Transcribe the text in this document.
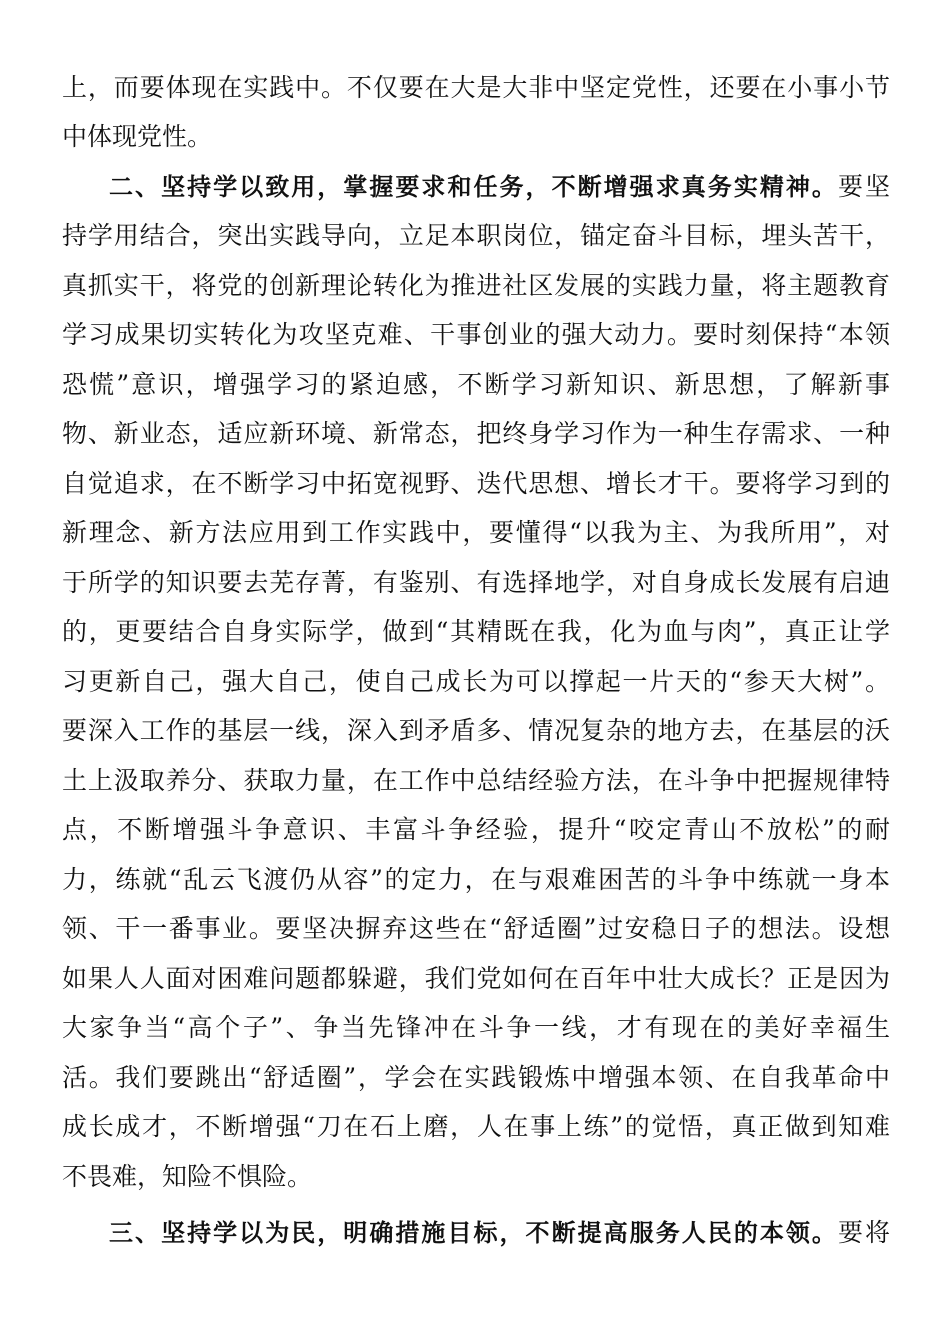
上，而要体现在实践中。不仅要在大是大非中坚定党性，还要在小事小节
中体现党性。
二、坚持学以致用，掌握要求和任务，不断增强求真务实精神。要坚
持学用结合，突出实践导向，立足本职岗位，锚定奋斗目标，埋头苦干，
真抓实干，将党的创新理论转化为推进社区发展的实践力量，将主题教育
学习成果切实转化为攻坚克难、干事创业的强大动力。要时刻保持“本领
恐慌”意识，增强学习的紧迫感，不断学习新知识、新思想，了解新事
物、新业态，适应新环境、新常态，把终身学习作为一种生存需求、一种
自觉追求，在不断学习中拓宽视野、迭代思想、增长才干。要将学习到的
新理念、新方法应用到工作实践中，要懂得“以我为主、为我所用”，对
于所学的知识要去芜存菁，有鉴别、有选择地学，对自身成长发展有启迪
的，更要结合自身实际学，做到“其精既在我，化为血与肉”，真正让学
习更新自己，强大自己，使自己成长为可以撑起一片天的“参天大树”。
要深入工作的基层一线，深入到矛盾多、情况复杂的地方去，在基层的沃
土上汲取养分、获取力量，在工作中总结经验方法，在斗争中把握规律特
点，不断增强斗争意识、丰富斗争经验，提升“咬定青山不放松”的耐
力，练就“乱云飞渡仍从容”的定力，在与艰难困苦的斗争中练就一身本
领、干一番事业。要坚决摒弃这些在“舒适圈”过安稳日子的想法。设想
如果人人面对困难问题都躲避，我们党如何在百年中壮大成长？正是因为
大家争当“高个子”、争当先锋冲在斗争一线，才有现在的美好幸福生
活。我们要跳出“舒适圈”，学会在实践锻炼中增强本领、在自我革命中
成长成才，不断增强“刀在石上磨，人在事上练”的觉悟，真正做到知难
不畏难，知险不惧险。
三、坚持学以为民，明确措施目标，不断提高服务人民的本领。要将
